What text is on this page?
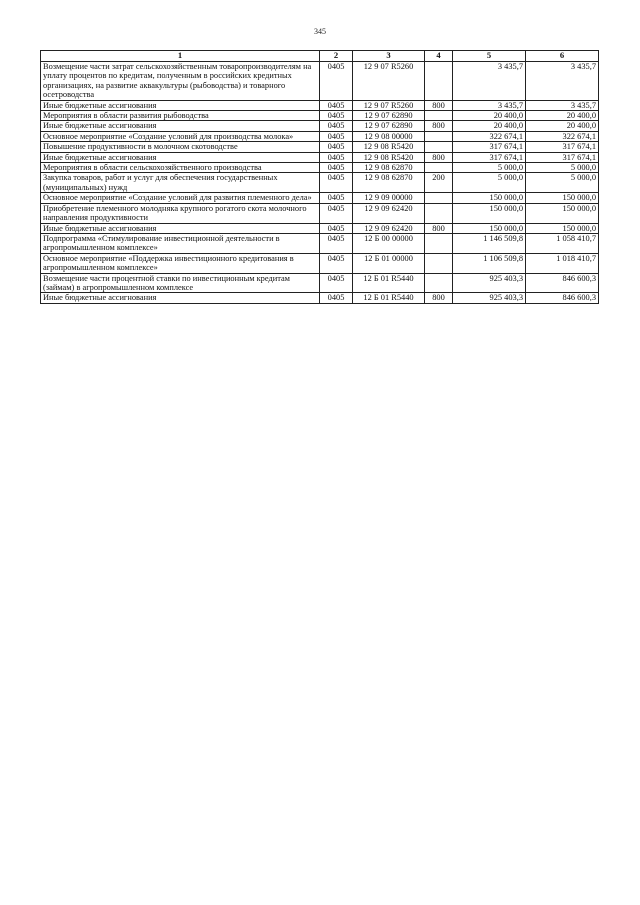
345
1	2	3	4	5	6
Возмещение части затрат сельскохозяйственным товаропроизводителям на уплату процентов по кредитам, полученным в российских кредитных организациях, на развитие аквакультуры (рыбоводства) и товарного осетроводства	0405	12 9 07 R5260		3 435,7	3 435,7
Иные бюджетные ассигнования	0405	12 9 07 R5260	800	3 435,7	3 435,7
Мероприятия в области развития рыбоводства	0405	12 9 07 62890		20 400,0	20 400,0
Иные бюджетные ассигнования	0405	12 9 07 62890	800	20 400,0	20 400,0
Основное мероприятие «Создание условий для производства молока»	0405	12 9 08 00000		322 674,1	322 674,1
Повышение продуктивности в молочном скотоводстве	0405	12 9 08 R5420		317 674,1	317 674,1
Иные бюджетные ассигнования	0405	12 9 08 R5420	800	317 674,1	317 674,1
Мероприятия в области сельскохозяйственного производства	0405	12 9 08 62870		5 000,0	5 000,0
Закупка товаров, работ и услуг для обеспечения государственных (муниципальных) нужд	0405	12 9 08 62870	200	5 000,0	5 000,0
Основное мероприятие «Создание условий для развития племенного дела»	0405	12 9 09 00000		150 000,0	150 000,0
Приобретение племенного молодняка крупного рогатого скота молочного направления продуктивности	0405	12 9 09 62420		150 000,0	150 000,0
Иные бюджетные ассигнования	0405	12 9 09 62420	800	150 000,0	150 000,0
Подпрограмма «Стимулирование инвестиционной деятельности в агропромышленном комплексе»	0405	12 Б 00 00000		1 146 509,8	1 058 410,7
Основное мероприятие «Поддержка инвестиционного кредитования в агропромышленном комплексе»	0405	12 Б 01 00000		1 106 509,8	1 018 410,7
Возмещение части процентной ставки по инвестиционным кредитам (займам) в агропромышленном комплексе	0405	12 Б 01 R5440		925 403,3	846 600,3
Иные бюджетные ассигнования	0405	12 Б 01 R5440	800	925 403,3	846 600,3
